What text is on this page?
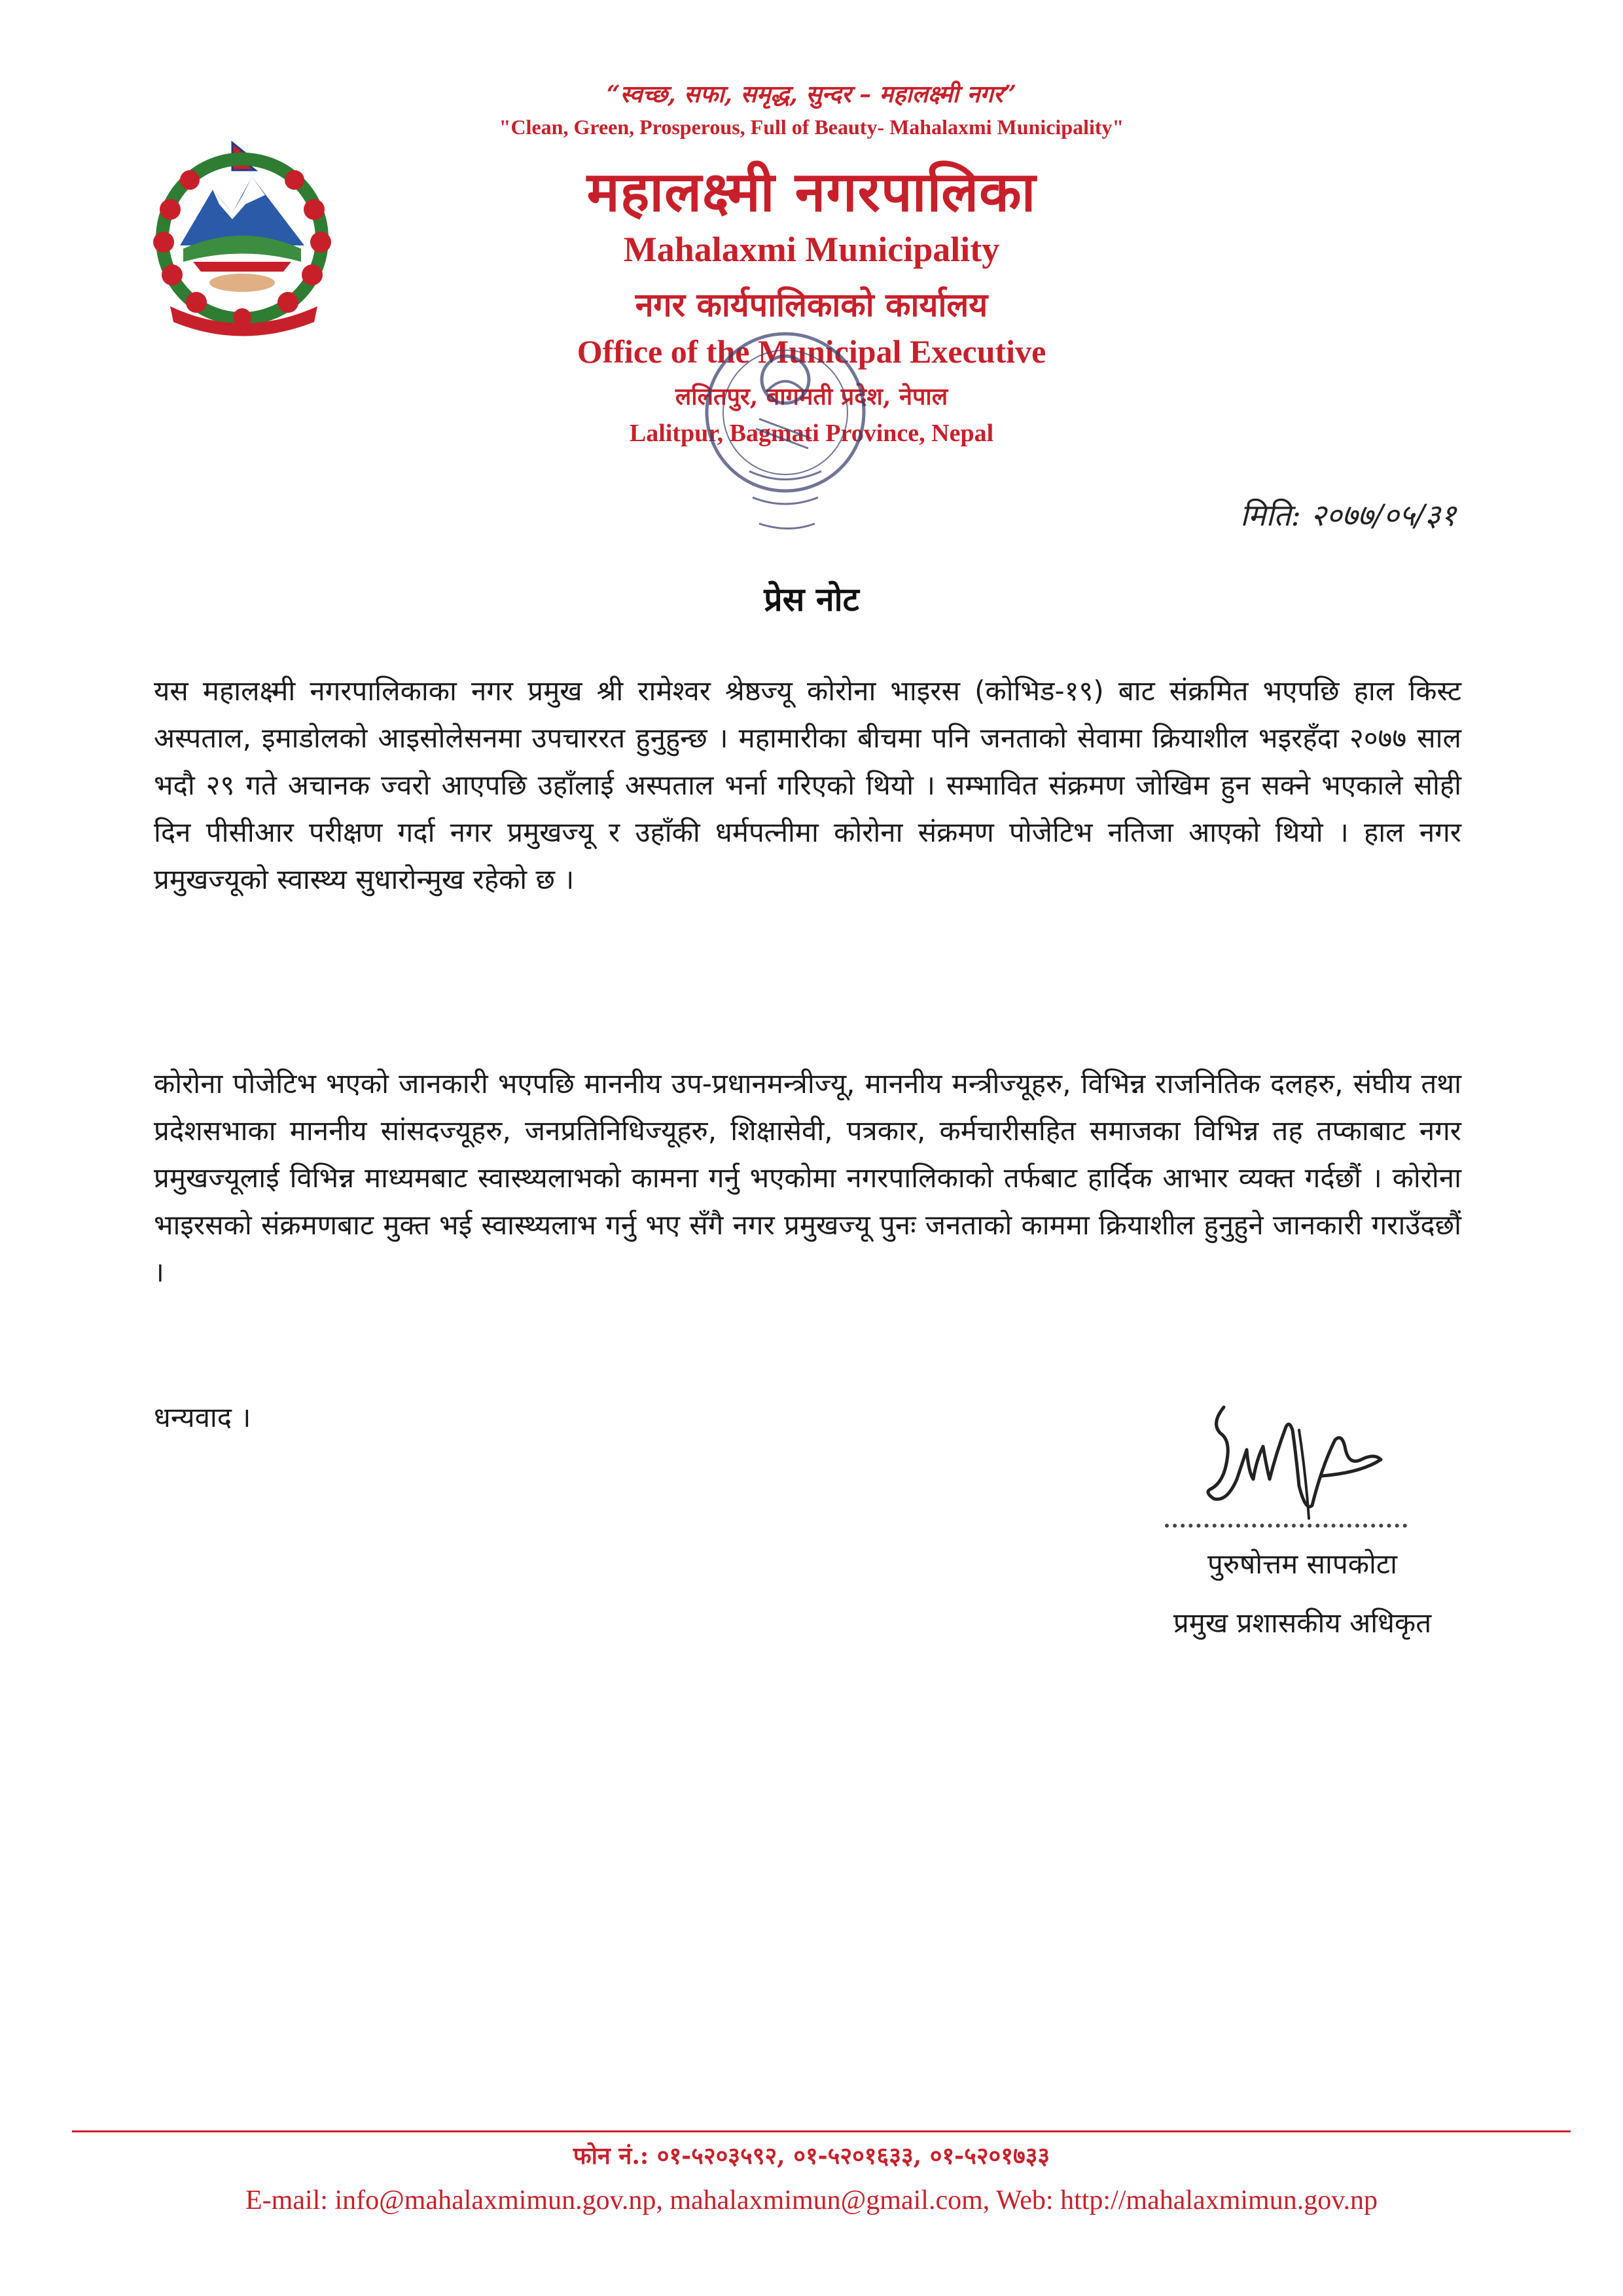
“स्वच्छ, सफा, समृद्ध, सुन्दर – महालक्ष्मी नगर”
"Clean, Green, Prosperous, Full of Beauty- Mahalaxmi Municipality"
महालक्ष्मी नगरपालिका
Mahalaxmi Municipality
नगर कार्यपालिकाको कार्यालय
Office of the Municipal Executive
ललितपुर, बागमती प्रदेश, नेपाल
Lalitpur, Bagmati Province, Nepal
मिति: २०७७/०५/३१
प्रेस नोट
यस महालक्ष्मी नगरपालिकाका नगर प्रमुख श्री रामेश्वर श्रेष्ठज्यू कोरोना भाइरस (कोभिड-१९) बाट संक्रमित भएपछि हाल किस्ट अस्पताल, इमाडोलको आइसोलेसनमा उपचाररत हुनुहुन्छ । महामारीका बीचमा पनि जनताको सेवामा क्रियाशील भइरहँदा २०७७ साल भदौ २९ गते अचानक ज्वरो आएपछि उहाँलाई अस्पताल भर्ना गरिएको थियो । सम्भावित संक्रमण जोखिम हुन सक्ने भएकाले सोही दिन पीसीआर परीक्षण गर्दा नगर प्रमुखज्यू र उहाँकी धर्मपत्नीमा कोरोना संक्रमण पोजेटिभ नतिजा आएको थियो । हाल नगर प्रमुखज्यूको स्वास्थ्य सुधारोन्मुख रहेको छ ।
कोरोना पोजेटिभ भएको जानकारी भएपछि माननीय उप-प्रधानमन्त्रीज्यू, माननीय मन्त्रीज्यूहरु, विभिन्न राजनितिक दलहरु, संघीय तथा प्रदेशसभाका माननीय सांसदज्यूहरु, जनप्रतिनिधिज्यूहरु, शिक्षासेवी, पत्रकार, कर्मचारीसहित समाजका विभिन्न तह तप्काबाट नगर प्रमुखज्यूलाई विभिन्न माध्यमबाट स्वास्थ्यलाभको कामना गर्नु भएकोमा नगरपालिकाको तर्फबाट हार्दिक आभार व्यक्त गर्दछौं । कोरोना भाइरसको संक्रमणबाट मुक्त भई स्वास्थ्यलाभ गर्नु भए सँगै नगर प्रमुखज्यू पुनः जनताको काममा क्रियाशील हुनुहुने जानकारी गराउँदछौं ।
धन्यवाद ।
पुरुषोत्तम सापकोटा
प्रमुख प्रशासकीय अधिकृत
फोन नं.: ०१-५२०३५९२, ०१-५२०१६३३, ०१-५२०१७३३
E-mail: info@mahalaxmimun.gov.np, mahalaxmimun@gmail.com, Web: http://mahalaxmimun.gov.np
